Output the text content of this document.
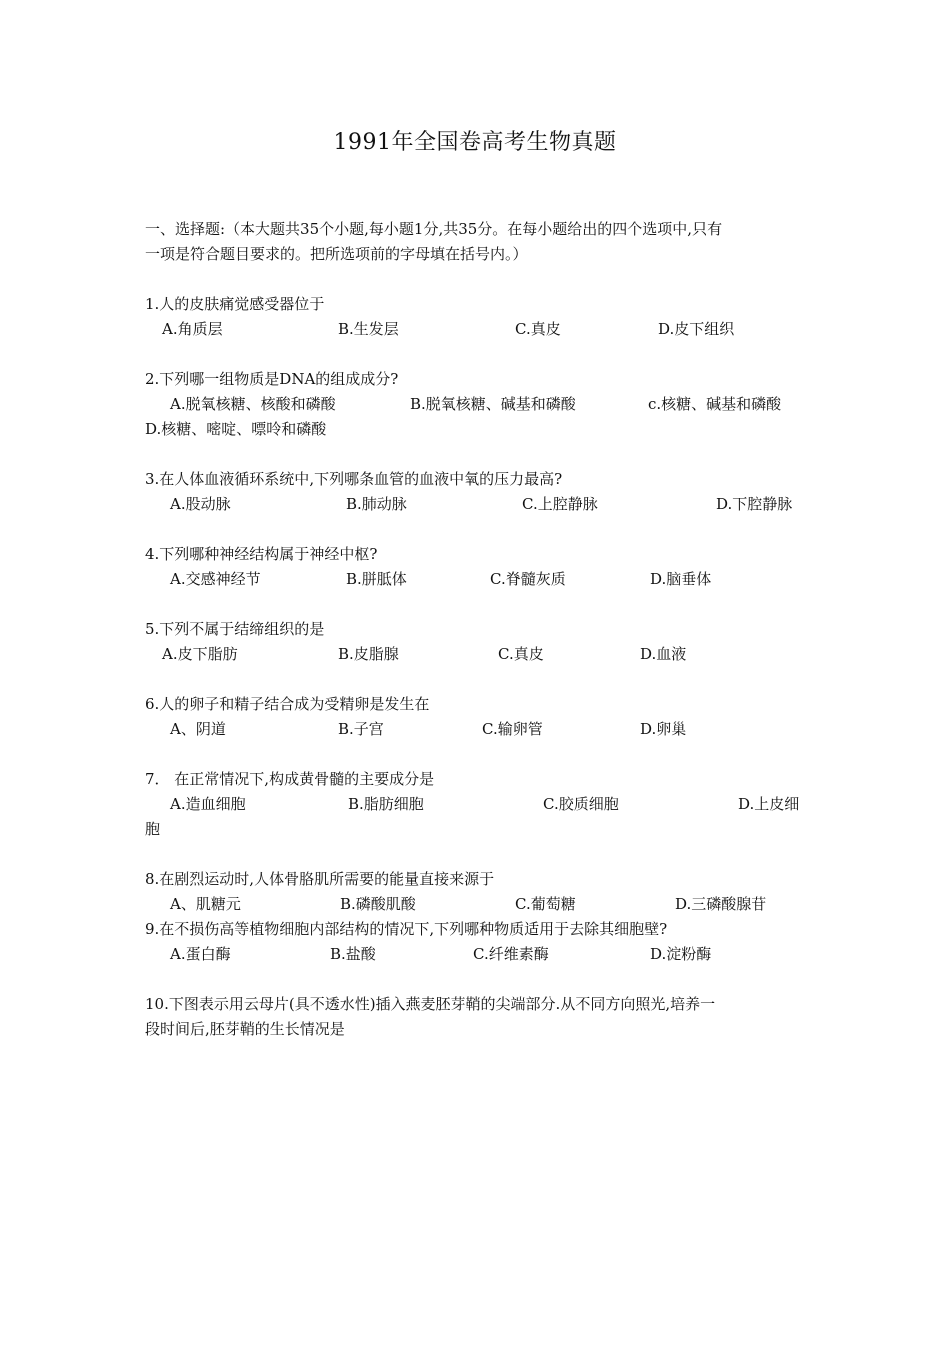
1991年全国卷高考生物真题
一、选择题:（本大题共35个小题,每小题1分,共35分。在每小题给出的四个选项中,只有
一项是符合题目要求的。把所选项前的字母填在括号内。）
1.人的皮肤痛觉感受器位于
A.角质层	B.生发层	C.真皮	D.皮下组织
2.下列哪一组物质是DNA的组成成分?
A.脱氧核糖、核酸和磷酸	B.脱氧核糖、碱基和磷酸	c.核糖、碱基和磷酸
D.核糖、嘧啶、嘌呤和磷酸
3.在人体血液循环系统中,下列哪条血管的血液中氧的压力最高?
A.股动脉	B.肺动脉	C.上腔静脉	D.下腔静脉
4.下列哪种神经结构属于神经中枢?
A.交感神经节	B.胼胝体	C.脊髓灰质	D.脑垂体
5.下列不属于结缔组织的是
A.皮下脂肪	B.皮脂腺	C.真皮	D.血液
6.人的卵子和精子结合成为受精卵是发生在
A、阴道	B.子宫	C.输卵管	D.卵巢
7． 在正常情况下,构成黄骨髓的主要成分是
A.造血细胞	B.脂肪细胞	C.胶质细胞	D.上皮细
胞
8.在剧烈运动时,人体骨胳肌所需要的能量直接来源于
A、肌糖元	B.磷酸肌酸	C.葡萄糖	D.三磷酸腺苷
9.在不损伤高等植物细胞内部结构的情况下,下列哪种物质适用于去除其细胞壁?
A.蛋白酶	B.盐酸	C.纤维素酶	D.淀粉酶
10.下图表示用云母片(具不透水性)插入燕麦胚芽鞘的尖端部分.从不同方向照光,培养一
段时间后,胚芽鞘的生长情况是
